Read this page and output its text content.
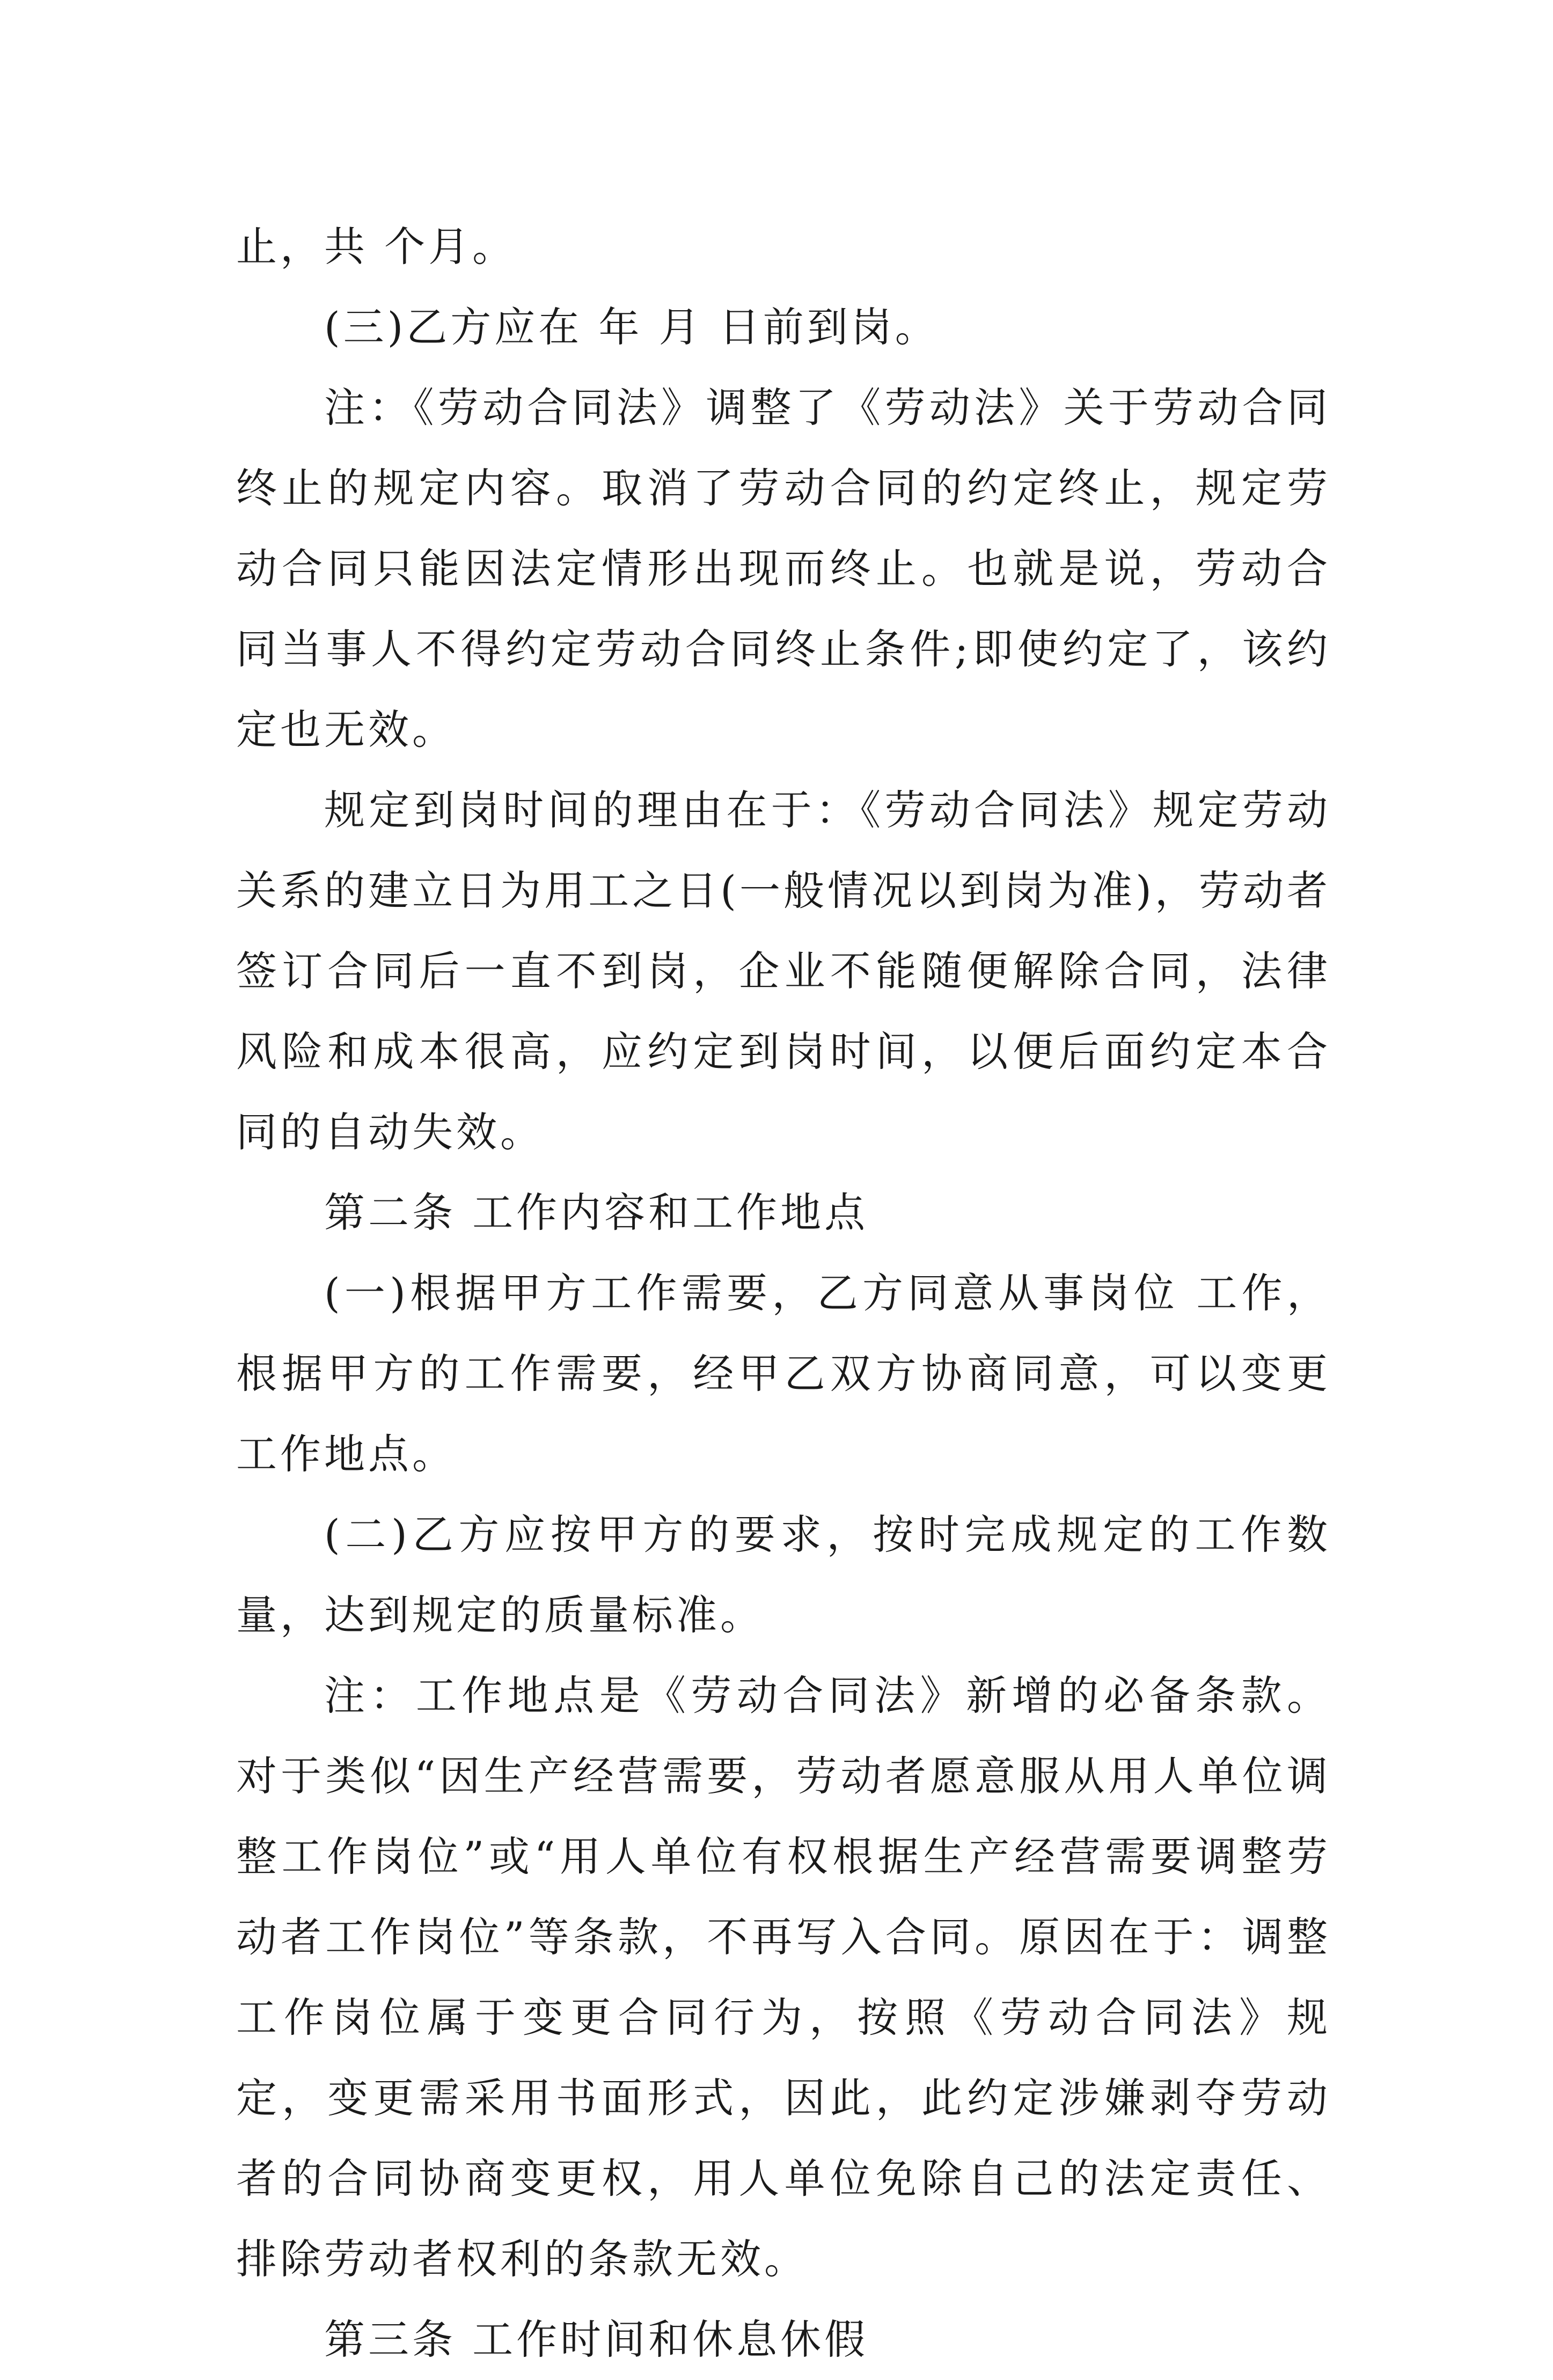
止，共 个月。

(三)乙方应在 年 月 日前到岗。

注：《劳动合同法》调整了《劳动法》关于劳动合同终止的规定内容。取消了劳动合同的约定终止，规定劳动合同只能因法定情形出现而终止。也就是说，劳动合同当事人不得约定劳动合同终止条件;即使约定了，该约定也无效。

规定到岗时间的理由在于：《劳动合同法》规定劳动关系的建立日为用工之日(一般情况以到岗为准)，劳动者签订合同后一直不到岗，企业不能随便解除合同，法律风险和成本很高，应约定到岗时间，以便后面约定本合同的自动失效。

第二条 工作内容和工作地点

(一)根据甲方工作需要，乙方同意从事岗位 工作， 根据甲方的工作需要，经甲乙双方协商同意，可以变更工作地点。

(二)乙方应按甲方的要求，按时完成规定的工作数量，达到规定的质量标准。

注：工作地点是《劳动合同法》新增的必备条款。对于类似“因生产经营需要，劳动者愿意服从用人单位调整工作岗位”或“用人单位有权根据生产经营需要调整劳动者工作岗位”等条款，不再写入合同。原因在于：调整工作岗位属于变更合同行为，按照《劳动合同法》规定，变更需采用书面形式，因此，此约定涉嫌剥夺劳动者的合同协商变更权，用人单位免除自己的法定责任、排除劳动者权利的条款无效。

第三条 工作时间和休息休假
